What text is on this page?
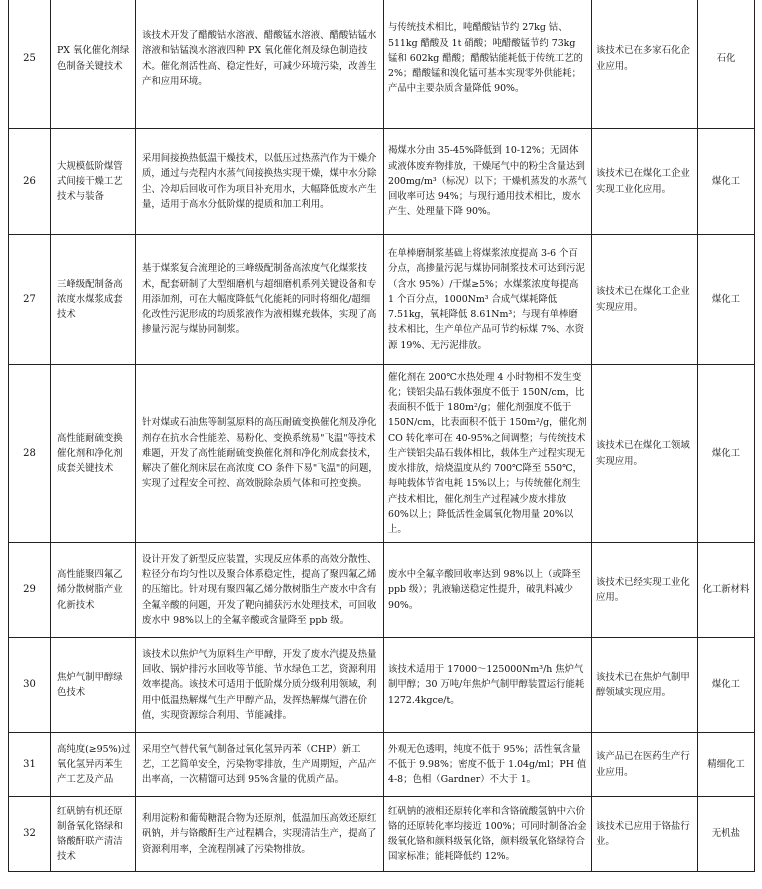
25	PX 氧化催化剂绿色制备关键技术	该技术开发了醋酸钴水溶液、醋酸锰水溶液、醋酸钴锰水溶液和钴锰溴水溶液四种 PX 氧化催化剂及绿色制造技术。催化剂活性高、稳定性好，可减少环境污染，改善生产和应用环境。	与传统技术相比，吨醋酸钴节约 27kg 钴、511kg 醋酸及 1t 硝酸；吨醋酸锰节约 73kg 锰和 602kg 醋酸；醋酸钴能耗低于传统工艺的 2%；醋酸锰和溴化锰可基本实现零外供能耗；产品中主要杂质含量降低 90%。	该技术已在多家石化企业应用。	石化
26	大规模低阶煤管式间接干燥工艺技术与装备	采用间接换热低温干燥技术，以低压过热蒸汽作为干燥介质，通过与壳程内水蒸气间接换热实现干燥，煤中水分除尘、冷却后回收可作为项目补充用水，大幅降低废水产生量，适用于高水分低阶煤的提质和加工利用。	褐煤水分由 35-45%降低到 10-12%；无固体或液体废弃物排放，干燥尾气中的粉尘含量达到 200mg/m³（标况）以下；干燥机蒸发的水蒸气回收率可达 94%；与现行通用技术相比，废水产生、处理量下降 90%。	该技术已在煤化工企业实现工业化应用。	煤化工
27	三峰级配制备高浓度水煤浆成套技术	基于煤浆复合流理论的三峰级配制备高浓度气化煤浆技术，配套研制了大型细磨机与超细磨机系列关键设备和专用添加剂，可在大幅度降低气化能耗的同时将细化/超细化改性污泥形成的均质浆液作为液相媒充载体，实现了高掺量污泥与煤协同制浆。	在单棒磨制浆基础上将煤浆浓度提高 3-6 个百分点，高掺量污泥与煤协同制浆技术可达到污泥（含水 95%）/干煤≥5%；水煤浆浓度每提高 1 个百分点，1000Nm³ 合成气煤耗降低 7.51kg，氧耗降低 8.61Nm³；与现有单棒磨技术相比，生产单位产品可节约标煤 7%、水资源 19%、无污泥排放。	该技术已在煤化工企业实现应用。	煤化工
28	高性能耐硫变换催化剂和净化剂成套关键技术	针对煤或石油焦等制氢原料的高压耐硫变换催化剂及净化剂存在抗水合性能差、易粉化、变换系统易"飞温"等技术难题，开发了高性能耐硫变换催化剂和净化剂成套技术，解决了催化剂床层在高浓度 CO 条件下易"飞温"的问题，实现了过程安全可控、高效脱除杂质气体和可控变换。	催化剂在 200℃水热处理 4 小时物相不发生变化；镁铝尖晶石载体强度不低于 150N/cm，比表面积不低于 180m²/g；催化剂强度不低于 150N/cm，比表面积不低于 150m²/g，催化剂 CO 转化率可在 40-95%之间调整；与传统技术生产镁铝尖晶石载体相比，载体生产过程实现无废水排放，焙烧温度从约 700℃降至 550℃，每吨载体节省电耗 15%以上；与传统催化剂生产技术相比，催化剂生产过程减少废水排放 60%以上；降低活性金属氧化物用量 20%以上。	该技术已在煤化工领域实现应用。	煤化工
29	高性能聚四氟乙烯分散树脂产业化新技术	设计开发了新型反应装置，实现反应体系的高效分散性、粒径分布均匀性以及聚合体系稳定性，提高了聚四氟乙烯的压缩比。针对现有聚四氟乙烯分散树脂生产废水中含有全氟辛酸的问题，开发了靶向捕获污水处理技术，可回收废水中 98%以上的全氟辛酸或含量降至 ppb 级。	废水中全氟辛酸回收率达到 98%以上（或降至 ppb 级）；乳液输送稳定性提升，破乳料减少 90%。	该技术已经实现工业化应用。	化工新材料
30	焦炉气制甲醇绿色技术	该技术以焦炉气为原料生产甲醇，开发了废水汽提及热量回收、锅炉排污水回收等节能、节水绿色工艺，资源利用效率提高。该技术可适用于低阶煤分质分级利用领域，利用中低温热解煤气生产甲醇产品，发挥热解煤气潜在价值，实现资源综合利用、节能减排。	该技术适用于 17000～125000Nm³/h 焦炉气制甲醇；30 万吨/年焦炉气制甲醇装置运行能耗 1272.4kgce/t。	该技术已在焦炉气制甲醇领域实现应用。	煤化工
31	高纯度(≥95%)过氧化氢异丙苯生产工艺及产品	采用空气替代氧气制备过氧化氢异丙苯（CHP）新工艺，工艺简单安全，污染物零排放，生产周期短，产品产出率高，一次精馏可达到 95%含量的优质产品。	外观无色透明，纯度不低于 95%；活性氧含量不低于 9.98%；密度不低于 1.04g/ml；PH 值 4-8；色相（Gardner）不大于 1。	该产品已在医药生产行业应用。	精细化工
32	红矾钠有机还原制备氧化铬绿和铬酸酐联产清洁技术	利用淀粉和葡萄糖混合物为还原剂，低温加压高效还原红矾钠，并与铬酸酐生产过程耦合，实现清洁生产，提高了资源利用率，全流程削减了污染物排放。	红矾钠的液相还原转化率和含铬硫酸氢钠中六价铬的还原转化率均接近 100%；可同时制备冶金级氧化铬和颜料级氧化铬，颜料级氧化铬绿符合国家标准；能耗降低约 12%。	该技术已应用于铬盐行业。	无机盐
